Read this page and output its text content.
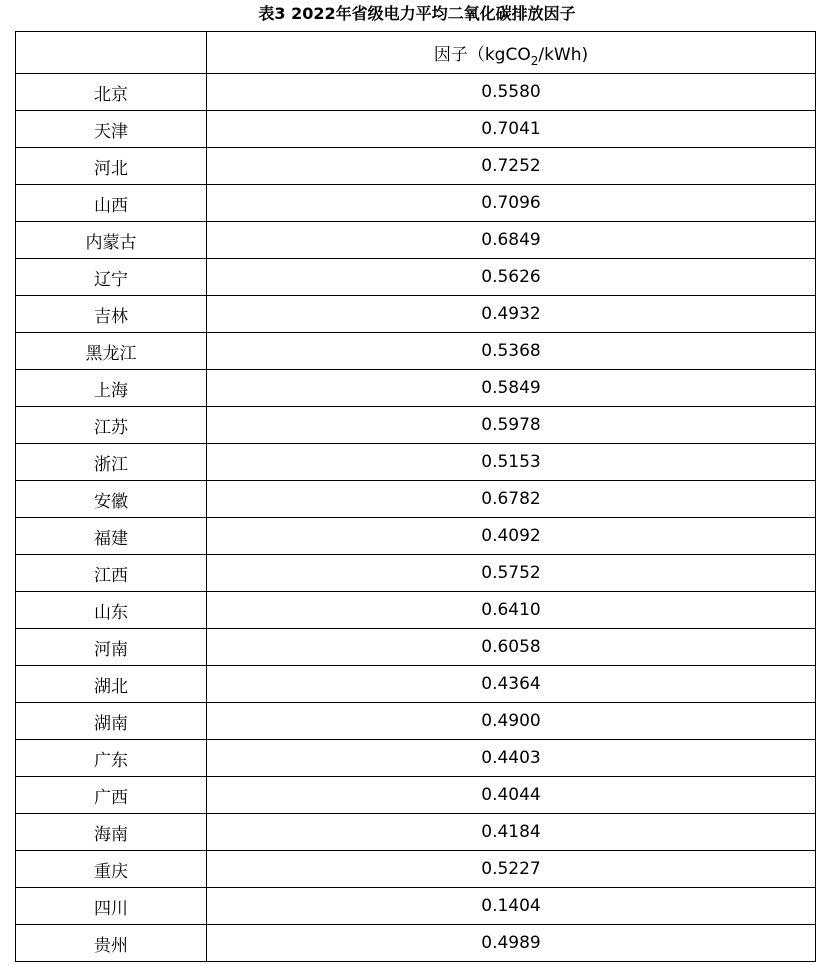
表3 2022年省级电力平均二氧化碳排放因子
	因子（kgCO$_2$/kWh)
北京	0.5580
天津	0.7041
河北	0.7252
山西	0.7096
内蒙古	0.6849
辽宁	0.5626
吉林	0.4932
黑龙江	0.5368
上海	0.5849
江苏	0.5978
浙江	0.5153
安徽	0.6782
福建	0.4092
江西	0.5752
山东	0.6410
河南	0.6058
湖北	0.4364
湖南	0.4900
广东	0.4403
广西	0.4044
海南	0.4184
重庆	0.5227
四川	0.1404
贵州	0.4989
